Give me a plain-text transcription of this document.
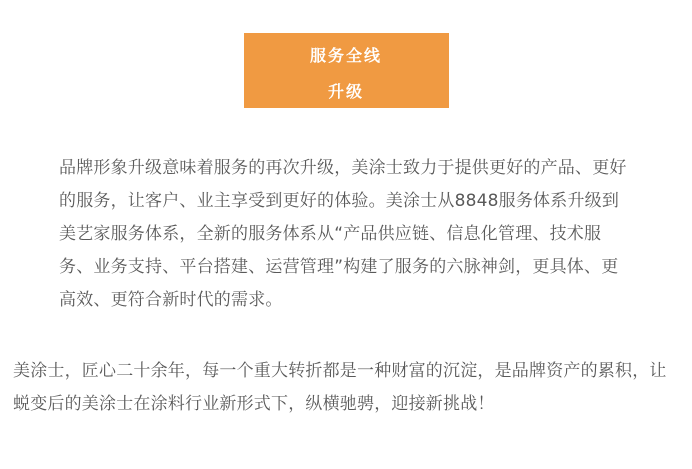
服务全线
升级
品牌形象升级意味着服务的再次升级，美涂士致力于提供更好的产品、更好
的服务，让客户、业主享受到更好的体验。美涂士从8848服务体系升级到
美艺家服务体系，全新的服务体系从“产品供应链、信息化管理、技术服
务、业务支持、平台搭建、运营管理”构建了服务的六脉神剑，更具体、更
高效、更符合新时代的需求。
美涂士，匠心二十余年，每一个重大转折都是一种财富的沉淀，是品牌资产的累积，让
蜕变后的美涂士在涂料行业新形式下，纵横驰骋，迎接新挑战！
